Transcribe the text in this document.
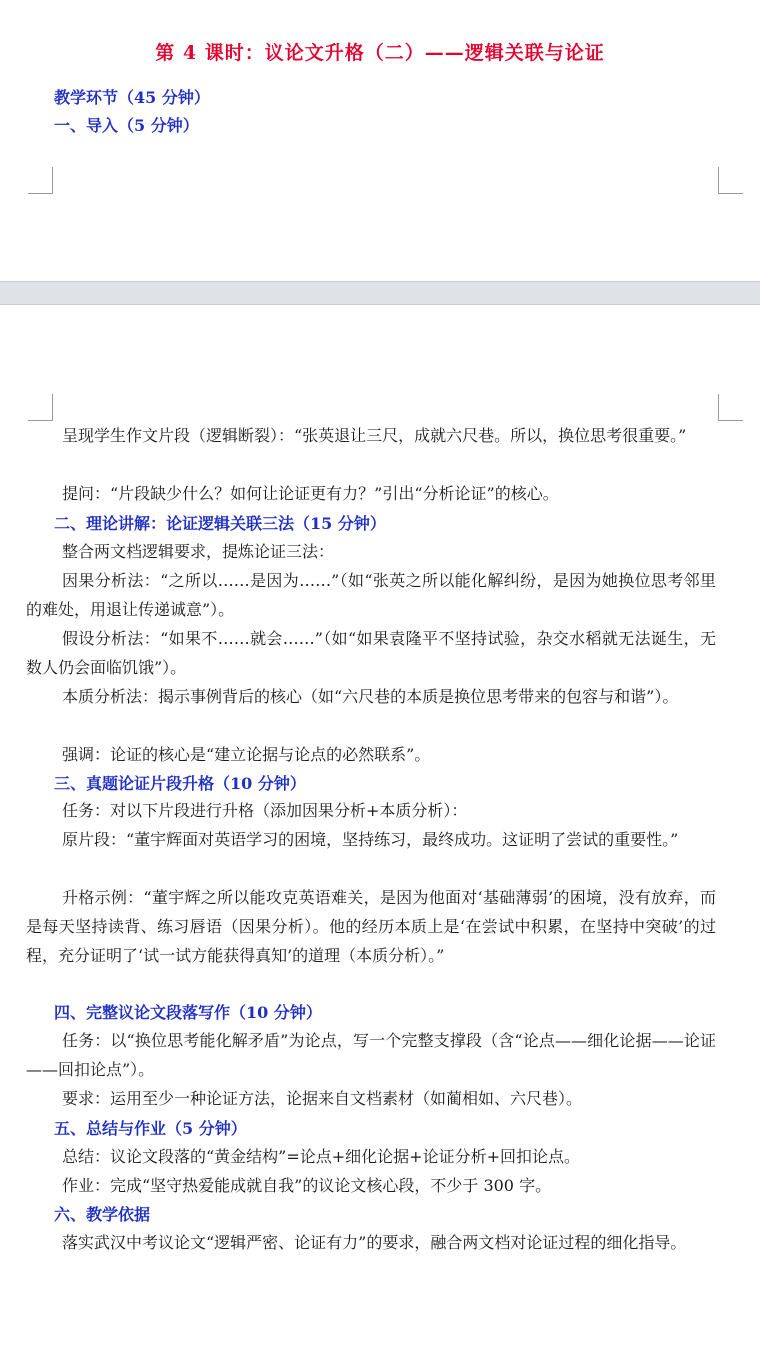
第 4 课时：议论文升格（二）——逻辑关联与论证
教学环节（45 分钟）
一、导入（5 分钟）

呈现学生作文片段（逻辑断裂）：“张英退让三尺，成就六尺巷。所以，换位思考很重要。”

提问：“片段缺少什么？如何让论证更有力？”引出“分析论证”的核心。

二、理论讲解：论证逻辑关联三法（15 分钟）

整合两文档逻辑要求，提炼论证三法：

因果分析法：“之所以……是因为……”（如“张英之所以能化解纠纷，是因为她换位思考邻里的难处，用退让传递诚意”）。

假设分析法：“如果不……就会……”（如“如果袁隆平不坚持试验，杂交水稻就无法诞生，无数人仍会面临饥饿”）。

本质分析法：揭示事例背后的核心（如“六尺巷的本质是换位思考带来的包容与和谐”）。

强调：论证的核心是“建立论据与论点的必然联系”。

三、真题论证片段升格（10 分钟）

任务：对以下片段进行升格（添加因果分析+本质分析）：

原片段：“董宇辉面对英语学习的困境，坚持练习，最终成功。这证明了尝试的重要性。”

升格示例：“董宇辉之所以能攻克英语难关，是因为他面对‘基础薄弱’的困境，没有放弃，而是每天坚持读背、练习唇语（因果分析）。他的经历本质上是‘在尝试中积累，在坚持中突破’的过程，充分证明了‘试一试方能获得真知’的道理（本质分析）。”

四、完整议论文段落写作（10 分钟）

任务：以“换位思考能化解矛盾”为论点，写一个完整支撑段（含“论点——细化论据——论证——回扣论点”）。

要求：运用至少一种论证方法，论据来自文档素材（如蔺相如、六尺巷）。

五、总结与作业（5 分钟）

总结：议论文段落的“黄金结构”=论点+细化论据+论证分析+回扣论点。

作业：完成“坚守热爱能成就自我”的议论文核心段，不少于 300 字。

六、教学依据

落实武汉中考议论文“逻辑严密、论证有力”的要求，融合两文档对论证过程的细化指导。
